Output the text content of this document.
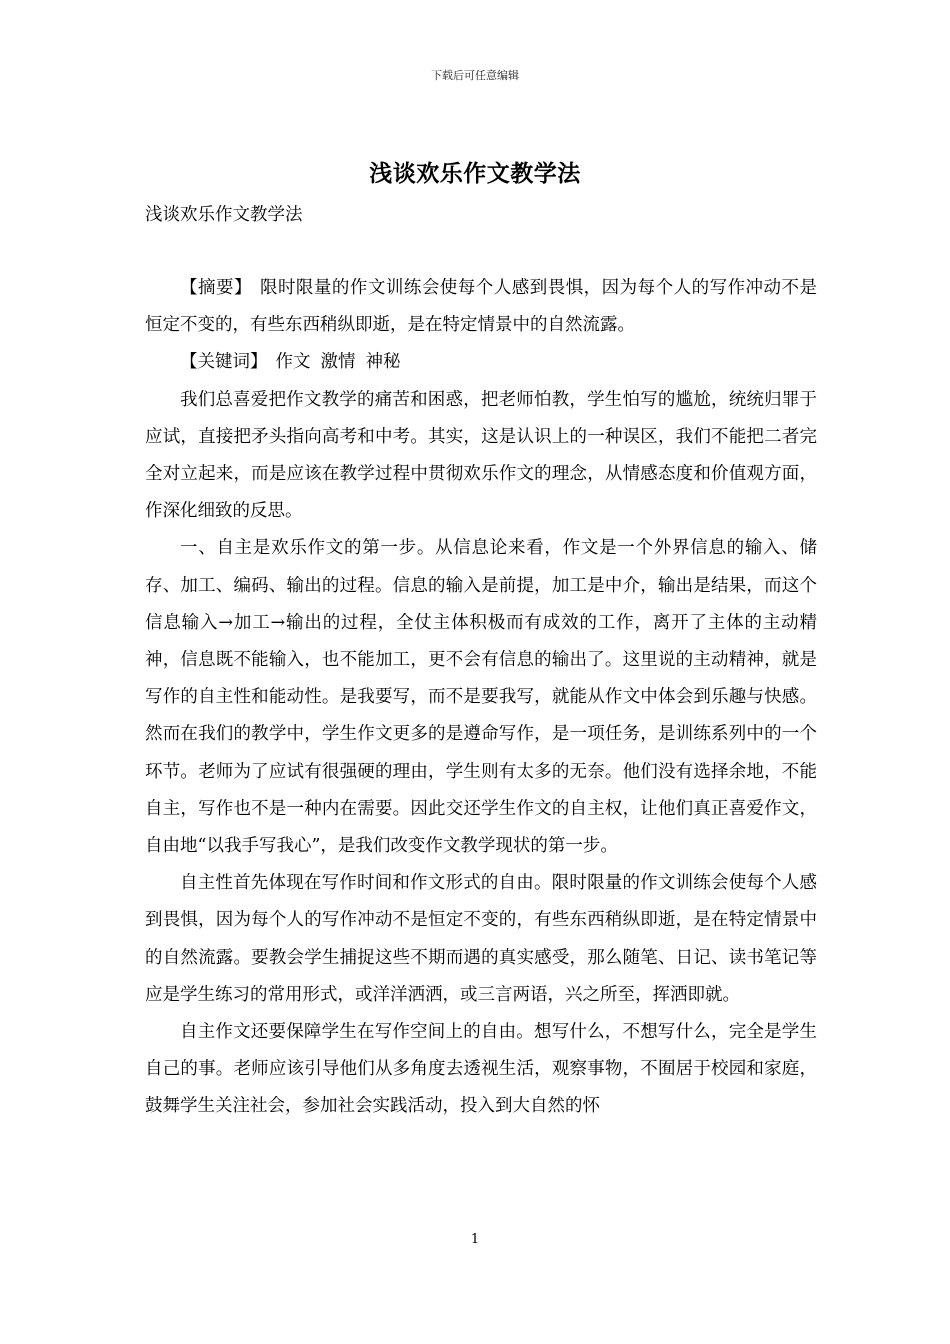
下载后可任意编辑
浅谈欢乐作文教学法
浅谈欢乐作文教学法

【摘要】 限时限量的作文训练会使每个人感到畏惧，因为每个人的写作冲动不是恒定不变的，有些东西稍纵即逝，是在特定情景中的自然流露。

【关键词】 作文 激情 神秘

我们总喜爱把作文教学的痛苦和困惑，把老师怕教，学生怕写的尴尬，统统归罪于应试，直接把矛头指向高考和中考。其实，这是认识上的一种误区，我们不能把二者完全对立起来，而是应该在教学过程中贯彻欢乐作文的理念，从情感态度和价值观方面，作深化细致的反思。

一、自主是欢乐作文的第一步。从信息论来看，作文是一个外界信息的输入、储存、加工、编码、输出的过程。信息的输入是前提，加工是中介，输出是结果，而这个信息输入→加工→输出的过程，全仗主体积极而有成效的工作，离开了主体的主动精神，信息既不能输入，也不能加工，更不会有信息的输出了。这里说的主动精神，就是写作的自主性和能动性。是我要写，而不是要我写，就能从作文中体会到乐趣与快感。然而在我们的教学中，学生作文更多的是遵命写作，是一项任务，是训练系列中的一个环节。老师为了应试有很强硬的理由，学生则有太多的无奈。他们没有选择余地，不能自主，写作也不是一种内在需要。因此交还学生作文的自主权，让他们真正喜爱作文，自由地“以我手写我心”，是我们改变作文教学现状的第一步。

自主性首先体现在写作时间和作文形式的自由。限时限量的作文训练会使每个人感到畏惧，因为每个人的写作冲动不是恒定不变的，有些东西稍纵即逝，是在特定情景中的自然流露。要教会学生捕捉这些不期而遇的真实感受，那么随笔、日记、读书笔记等应是学生练习的常用形式，或洋洋洒洒，或三言两语，兴之所至，挥洒即就。

自主作文还要保障学生在写作空间上的自由。想写什么，不想写什么，完全是学生自己的事。老师应该引导他们从多角度去透视生活，观察事物，不囿居于校园和家庭，鼓舞学生关注社会，参加社会实践活动，投入到大自然的怀

1
